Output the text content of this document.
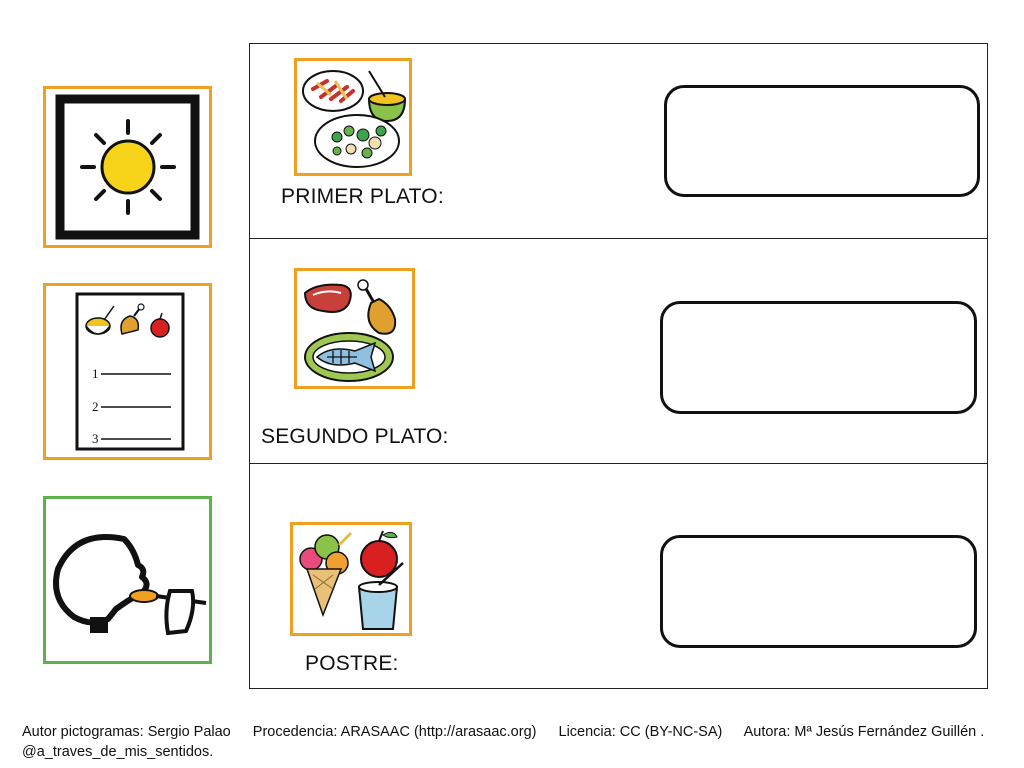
1
2
3
PRIMER PLATO:
SEGUNDO PLATO:
POSTRE:
Autor pictogramas: Sergio Palao Procedencia: ARASAAC (http://arasaac.org) Licencia: CC (BY-NC-SA) Autora: Mª Jesús Fernández Guillén . @a_traves_de_mis_sentidos.
